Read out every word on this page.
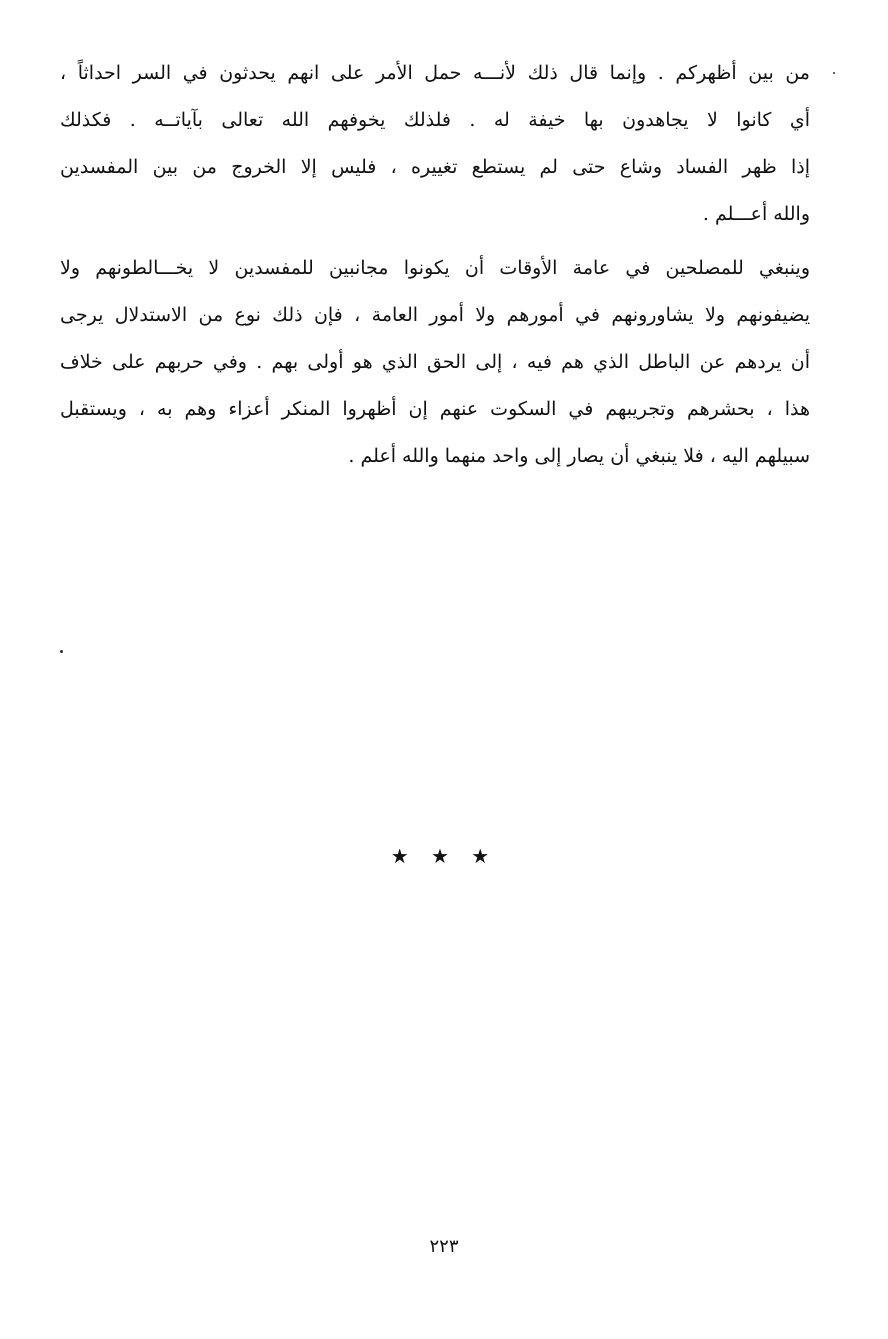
من بين أظهركم . وإنما قال ذلك لأنـــه حمل الأمر على انهم يحدثون في السر احداثاً ،
أي كانوا لا يجاهدون بها خيفة له . فلذلك يخوفهم الله تعالى بآياتــه . فكذلك
إذا ظهر الفساد وشاع حتى لم يستطع تغييره ، فليس إلا الخروج من بين المفسدين
والله أعـــلم .
وينبغي للمصلحين في عامة الأوقات أن يكونوا مجانبين للمفسدين لا يخـــالطونهم ولا
يضيفونهم ولا يشاورونهم في أمورهم ولا أمور العامة ، فإن ذلك نوع من الاستدلال يرجى
أن يردهم عن الباطل الذي هم فيه ، إلى الحق الذي هو أولى بهم . وفي حربهم على خلاف
هذا ، بحشرهم وتجريبهم في السكوت عنهم إن أظهروا المنكر أعزاء وهم به ، ويستقبل
سبيلهم اليه ، فلا ينبغي أن يصار إلى واحد منهما والله أعلم .
★ ★ ★
٢٢٣
